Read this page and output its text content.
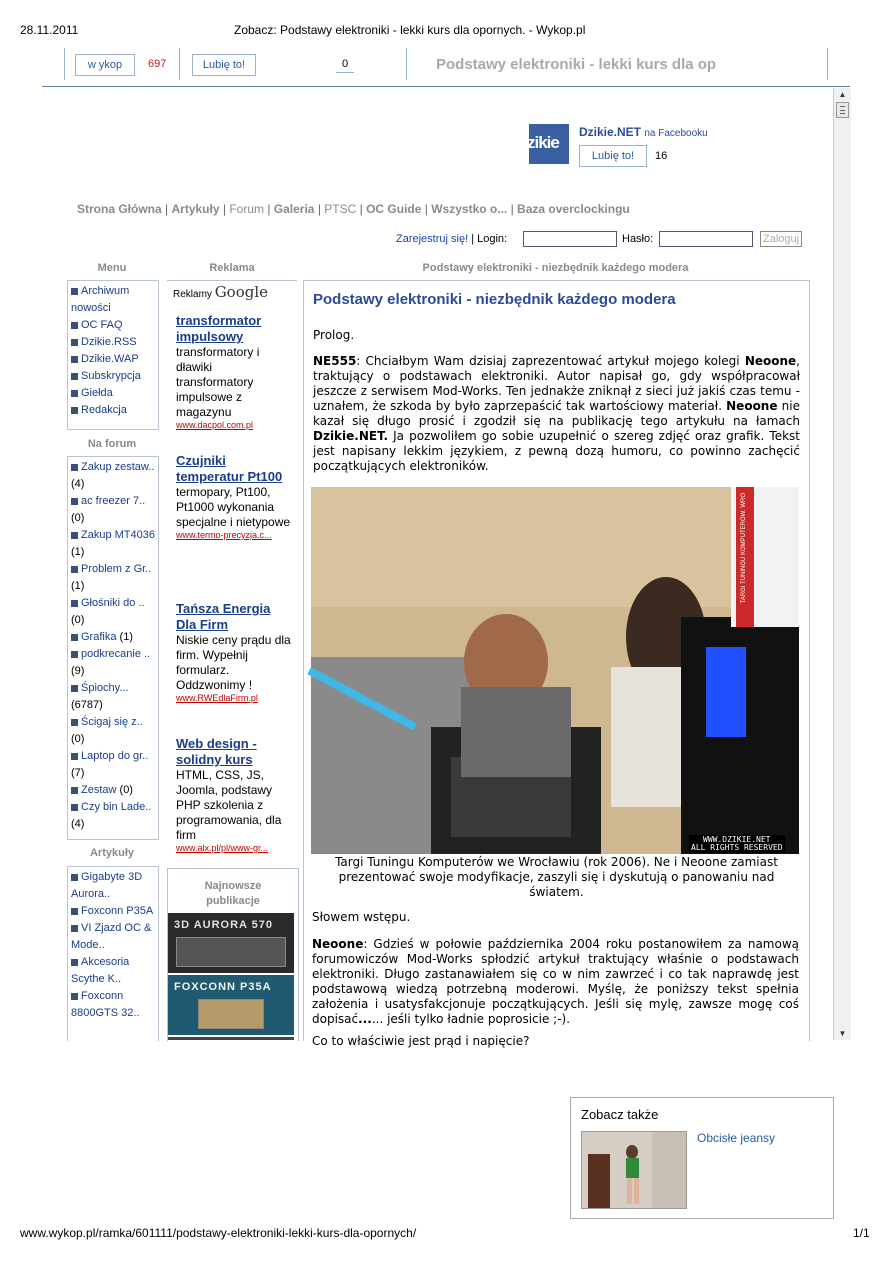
28.11.2011	Zobacz: Podstawy elektroniki - lekki kurs dla opornych. - Wykop.pl
w ykop	697	Lubię to!	0	Podstawy elektroniki - lekki kurs dla op
▲
▼
zikie
Dzikie.NET na Facebooku
Lubię to!	16
Strona Główna | Artykuły | Forum | Galeria | PTSC | OC Guide | Wszystko o... | Baza overclockingu
Zarejestruj się! | Login:	Hasło:	Zaloguj
Menu	Reklama	Podstawy elektroniki - niezbędnik każdego modera
Archiwum nowości
OC FAQ
Dzikie.RSS
Dzikie.WAP
Subskrypcja
Giełda
Redakcja
Na forum
Zakup zestaw.. (4)
ac freezer 7.. (0)
Zakup MT4036 (1)
Problem z Gr.. (1)
Głośniki do .. (0)
Grafika (1)
podkrecanie .. (9)
Śpiochy... (6787)
Ścigaj się z.. (0)
Laptop do gr.. (7)
Zestaw (0)
Czy bin Lade.. (4)
Artykuły
Gigabyte 3D Aurora..
Foxconn P35A
VI Zjazd OC & Mode..
Akcesoria Scythe K..
Foxconn 8800GTS 32..
Reklamy Google
transformator impulsowy
transformatory i dławiki transformatory impulsowe z magazynu
www.dacpol.com.pl
Czujniki temperatur Pt100
termopary, Pt100, Pt1000 wykonania specjalne i nietypowe
www.termo-precyzja.c...
Tańsza Energia Dla Firm
Niskie ceny prądu dla firm. Wypełnij formularz. Oddzwonimy !
www.RWEdlaFirm.pl
Web design - solidny kurs
HTML, CSS, JS, Joomla, podstawy PHP szkolenia z programowania, dla firm
www.alx.pl/pl/www-gr...
Najnowsze publikacje
3D AURORA 570
FOXCONN P35A
Podstawy elektroniki - niezbędnik każdego modera
Prolog.
NE555: Chciałbym Wam dzisiaj zaprezentować artykuł mojego kolegi Neoone, traktujący o podstawach elektroniki. Autor napisał go, gdy współpracował jeszcze z serwisem Mod-Works. Ten jednakże zniknął z sieci już jakiś czas temu - uznałem, że szkoda by było zaprzepaścić tak wartościowy materiał. Neoone nie kazał się długo prosić i zgodził się na publikację tego artykułu na łamach Dzikie.NET. Ja pozwoliłem go sobie uzupełnić o szereg zdjęć oraz grafik. Tekst jest napisany lekkim językiem, z pewną dozą humoru, co powinno zachęcić początkujących elektroników.
TARGI TUNINGU KOMPUTERÓW. WRO
WWW.DZIKIE.NET
ALL RIGHTS RESERVED
Targi Tuningu Komputerów we Wrocławiu (rok 2006). Ne i Neoone zamiast prezentować swoje modyfikacje, zaszyli się i dyskutują o panowaniu nad światem.
Słowem wstępu.
Neoone: Gdzieś w połowie października 2004 roku postanowiłem za namową forumowiczów Mod-Works spłodzić artykuł traktujący właśnie o podstawach elektroniki. Długo zastanawiałem się co w nim zawrzeć i co tak naprawdę jest podstawową wiedzą potrzebną moderowi. Myślę, że poniższy tekst spełnia założenia i usatysfakcjonuje początkujących. Jeśli się mylę, zawsze mogę coś dopisać...... jeśli tylko ładnie poprosicie ;-).
Co to właściwie jest prąd i napięcie?
Zobacz także
Obcisłe jeansy
www.wykop.pl/ramka/601111/podstawy-elektroniki-lekki-kurs-dla-opornych/	1/1
